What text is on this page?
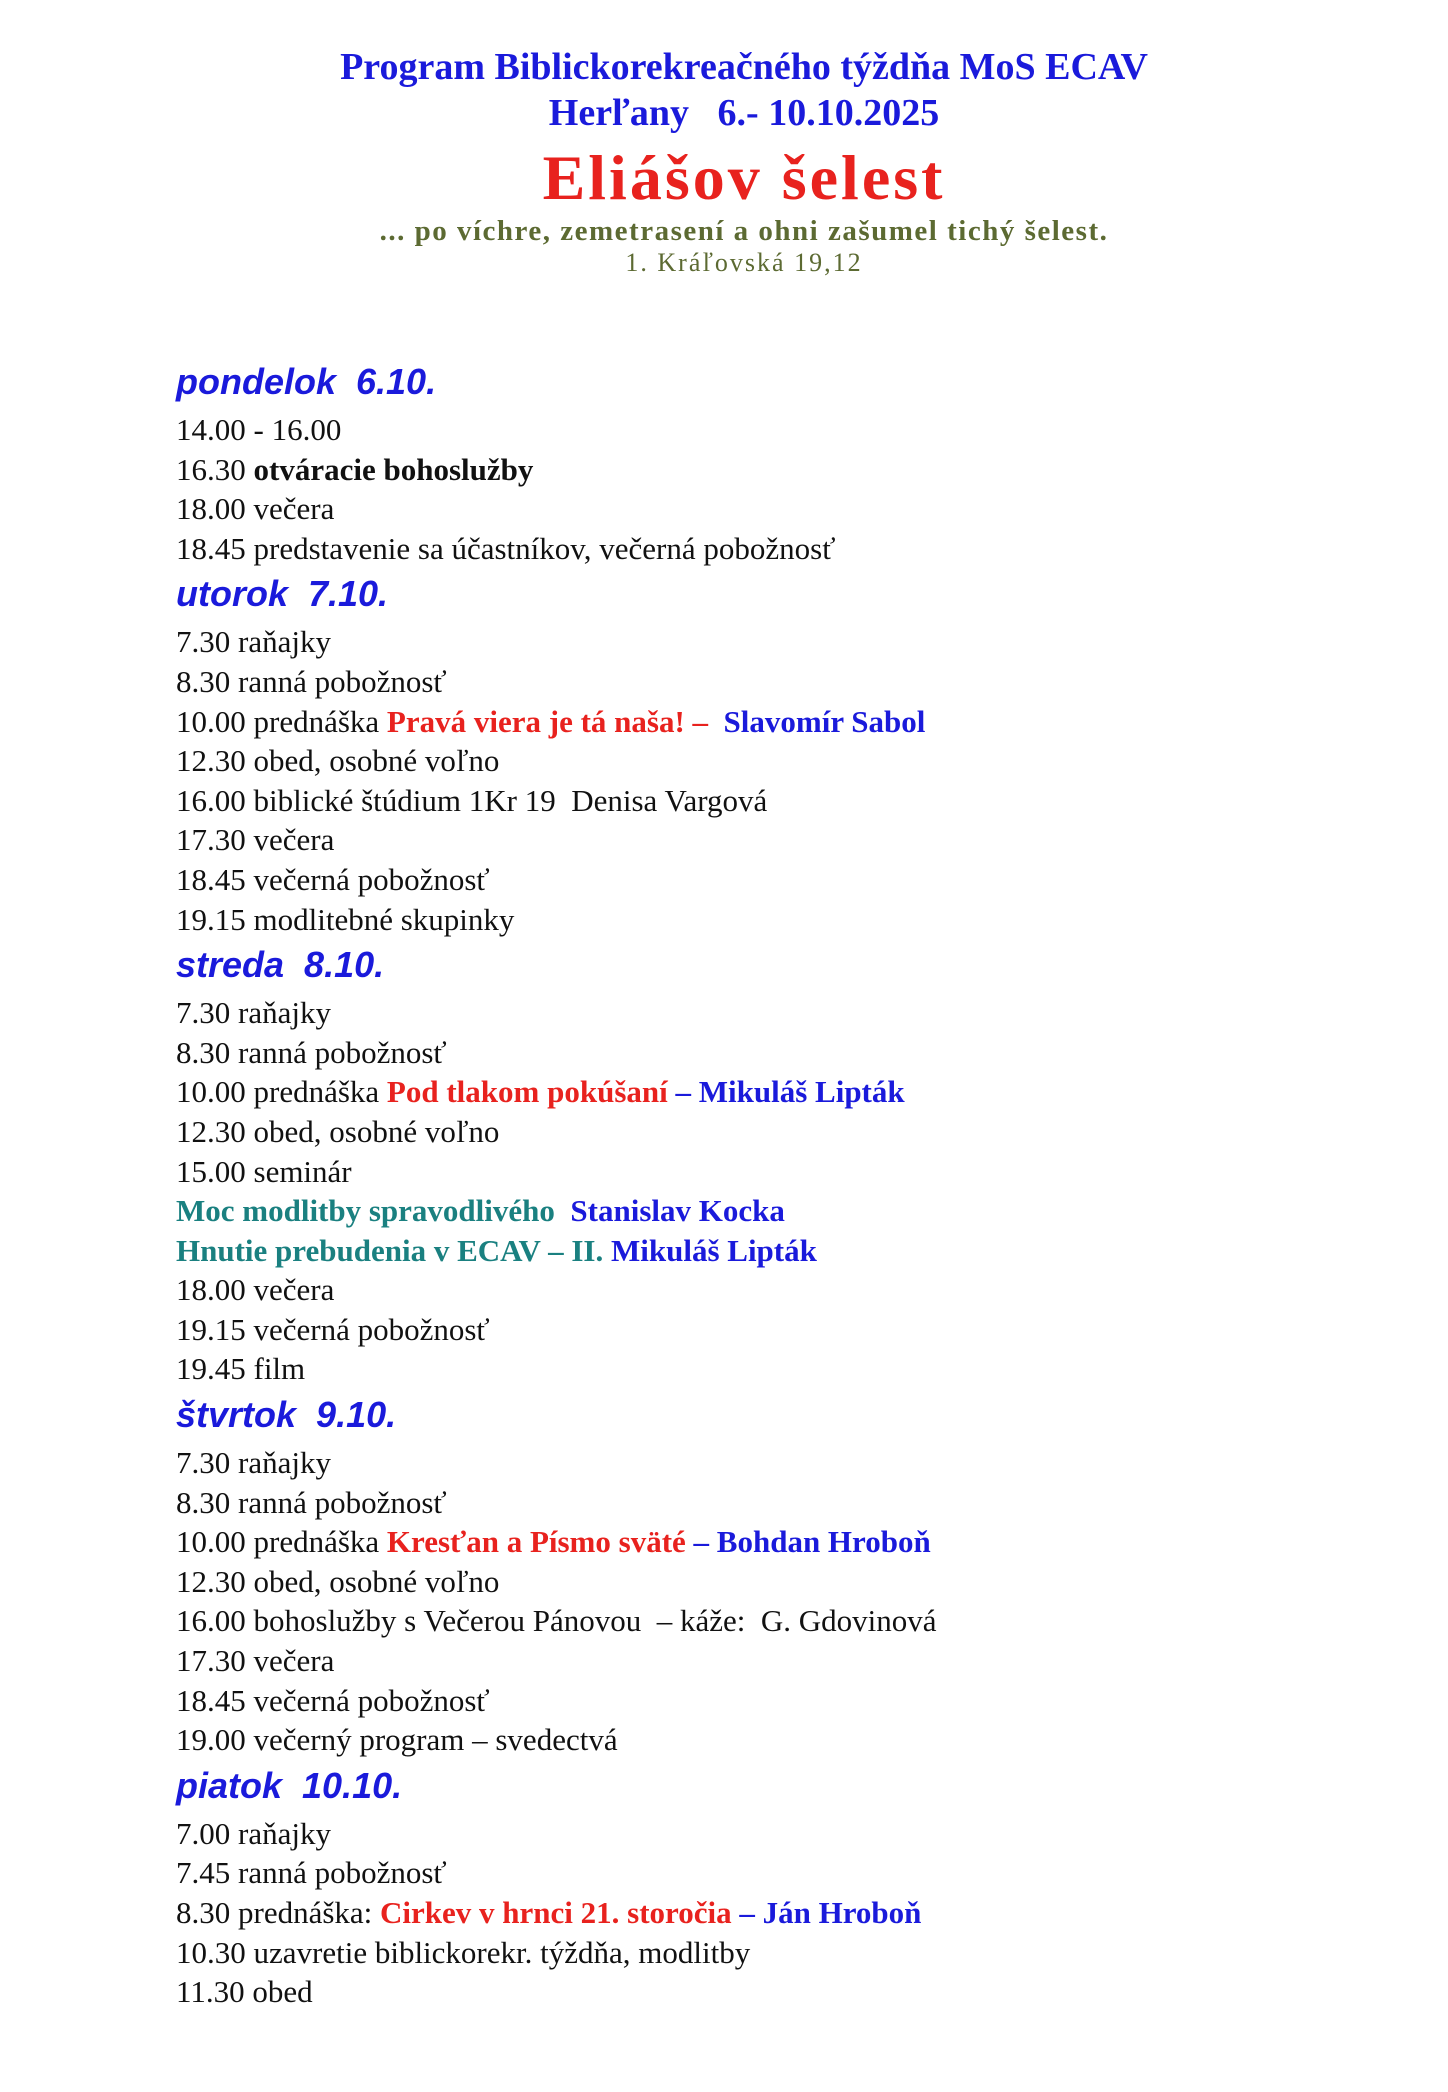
Program Biblickorekreačného týždňa MoS ECAV
Herľany   6.- 10.10.2025
Eliášov šelest
... po víchre, zemetrasení a ohni zašumel tichý šelest.
1. Kráľovská 19,12
pondelok  6.10.
14.00 - 16.00
16.30 otváracie bohoslužby
18.00 večera
18.45 predstavenie sa účastníkov, večerná pobožnosť
utorok  7.10.
7.30 raňajky
8.30 ranná pobožnosť
10.00 prednáška Pravá viera je tá naša! – Slavomír Sabol
12.30 obed, osobné voľno
16.00 biblické štúdium 1Kr 19  Denisa Vargová
17.30 večera
18.45 večerná pobožnosť
19.15 modlitebné skupinky
streda  8.10.
7.30 raňajky
8.30 ranná pobožnosť
10.00 prednáška Pod tlakom pokúšaní – Mikuláš Lipták
12.30 obed, osobné voľno
15.00 seminár
Moc modlitby spravodlivého Stanislav Kocka
Hnutie prebudenia v ECAV – II. Mikuláš Lipták
18.00 večera
19.15 večerná pobožnosť
19.45 film
štvrtok  9.10.
7.30 raňajky
8.30 ranná pobožnosť
10.00 prednáška Kresťan a Písmo sväté – Bohdan Hroboň
12.30 obed, osobné voľno
16.00 bohoslužby s Večerou Pánovou  – káže:  G. Gdovinová
17.30 večera
18.45 večerná pobožnosť
19.00 večerný program – svedectvá
piatok  10.10.
7.00 raňajky
7.45 ranná pobožnosť
8.30 prednáška: Cirkev v hrnci 21. storočia – Ján Hroboň
10.30 uzavretie biblickorekr. týždňa, modlitby
11.30 obed
